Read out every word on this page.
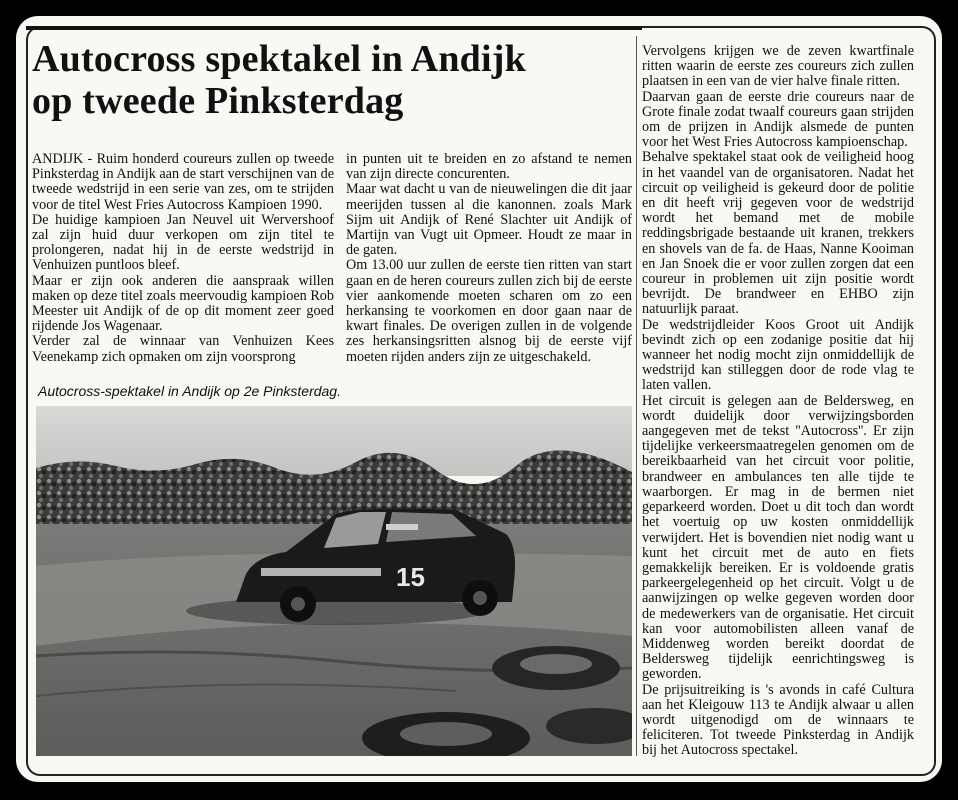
Autocross spektakel in Andijk
op tweede Pinksterdag

ANDIJK - Ruim honderd coureurs zullen op tweede Pinksterdag in Andijk aan de start verschijnen van de tweede wedstrijd in een serie van zes, om te strijden voor de titel West Fries Autocross Kampioen 1990.

De huidige kampioen Jan Neuvel uit Wervershoof zal zijn huid duur verkopen om zijn titel te prolongeren, nadat hij in de eerste wedstrijd in Venhuizen puntloos bleef.

Maar er zijn ook anderen die aanspraak willen maken op deze titel zoals meervoudig kampioen Rob Meester uit Andijk of de op dit moment zeer goed rijdende Jos Wagenaar.

Verder zal de winnaar van Venhuizen Kees Veenekamp zich opmaken om zijn voorsprong

in punten uit te breiden en zo afstand te nemen van zijn directe concurenten.

Maar wat dacht u van de nieuwelingen die dit jaar meerijden tussen al die kanonnen. zoals Mark Sijm uit Andijk of René Slachter uit Andijk of Martijn van Vugt uit Opmeer. Houdt ze maar in de gaten.

Om 13.00 uur zullen de eerste tien ritten van start gaan en de heren coureurs zullen zich bij de eerste vier aankomende moeten scharen om zo een herkansing te voorkomen en door gaan naar de kwart finales. De overigen zullen in de volgende zes herkansingsritten alsnog bij de eerste vijf moeten rijden anders zijn ze uitgeschakeld.

Vervolgens krijgen we de zeven kwartfinale ritten waarin de eerste zes coureurs zich zullen plaatsen in een van de vier halve finale ritten.

Daarvan gaan de eerste drie coureurs naar de Grote finale zodat twaalf coureurs gaan strijden om de prijzen in Andijk alsmede de punten voor het West Fries Autocross kampioenschap.

Behalve spektakel staat ook de veiligheid hoog in het vaandel van de organisatoren. Nadat het circuit op veiligheid is gekeurd door de politie en dit heeft vrij gegeven voor de wedstrijd wordt het bemand met de mobile reddingsbrigade bestaande uit kranen, trekkers en shovels van de fa. de Haas, Nanne Kooiman en Jan Snoek die er voor zullen zorgen dat een coureur in problemen uit zijn positie wordt bevrijdt. De brandweer en EHBO zijn natuurlijk paraat.

De wedstrijdleider Koos Groot uit Andijk bevindt zich op een zodanige positie dat hij wanneer het nodig mocht zijn onmiddellijk de wedstrijd kan stilleggen door de rode vlag te laten vallen.

Het circuit is gelegen aan de Beldersweg, en wordt duidelijk door verwijzingsborden aangegeven met de tekst ''Autocross''. Er zijn tijdelijke verkeersmaatregelen genomen om de bereikbaarheid van het circuit voor politie, brandweer en ambulances ten alle tijde te waarborgen. Er mag in de bermen niet geparkeerd worden. Doet u dit toch dan wordt het voertuig op uw kosten onmiddellijk verwijdert. Het is bovendien niet nodig want u kunt het circuit met de auto en fiets gemakkelijk bereiken. Er is voldoende gratis parkeergelegenheid op het circuit. Volgt u de aanwijzingen op welke gegeven worden door de medewerkers van de organisatie. Het circuit kan voor automobilisten alleen vanaf de Middenweg worden bereikt doordat de Beldersweg tijdelijk eenrichtingsweg is geworden.

De prijsuitreiking is 's avonds in café Cultura aan het Kleigouw 113 te Andijk alwaar u allen wordt uitgenodigd om de winnaars te feliciteren. Tot tweede Pinksterdag in Andijk bij het Autocross spectakel.

Autocross-spektakel in Andijk op 2e Pinksterdag.
15
